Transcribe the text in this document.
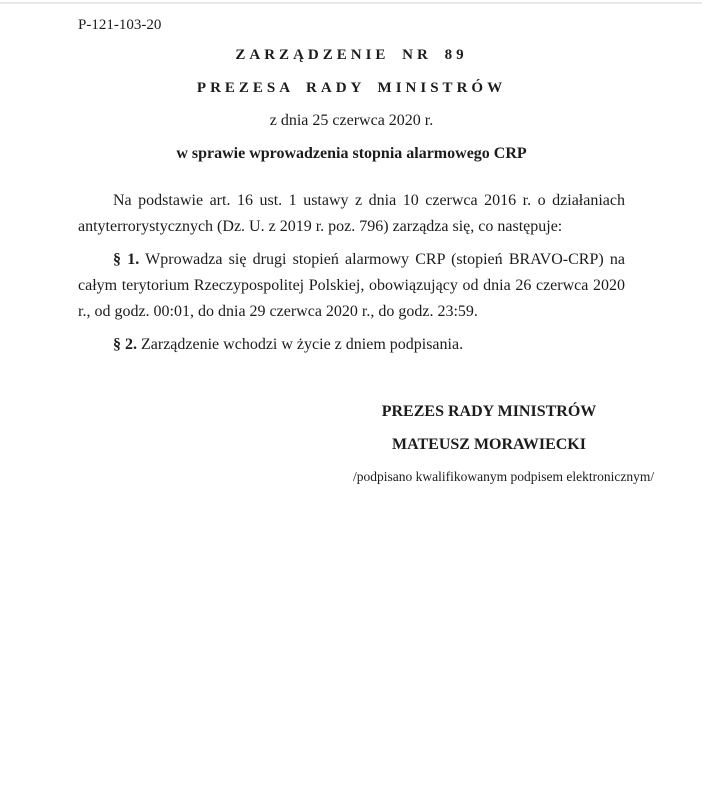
P-121-103-20

ZARZĄDZENIE NR 89

PREZESA RADY MINISTRÓW

z dnia 25 czerwca 2020 r.

w sprawie wprowadzenia stopnia alarmowego CRP

Na podstawie art. 16 ust. 1 ustawy z dnia 10 czerwca 2016 r. o działaniach antyterrorystycznych (Dz. U. z 2019 r. poz. 796) zarządza się, co następuje:

§ 1. Wprowadza się drugi stopień alarmowy CRP (stopień BRAVO-CRP) na całym terytorium Rzeczypospolitej Polskiej, obowiązujący od dnia 26 czerwca 2020 r., od godz. 00:01, do dnia 29 czerwca 2020 r., do godz. 23:59.

§ 2. Zarządzenie wchodzi w życie z dniem podpisania.

PREZES RADY MINISTRÓW

MATEUSZ MORAWIECKI

/podpisano kwalifikowanym podpisem elektronicznym/
